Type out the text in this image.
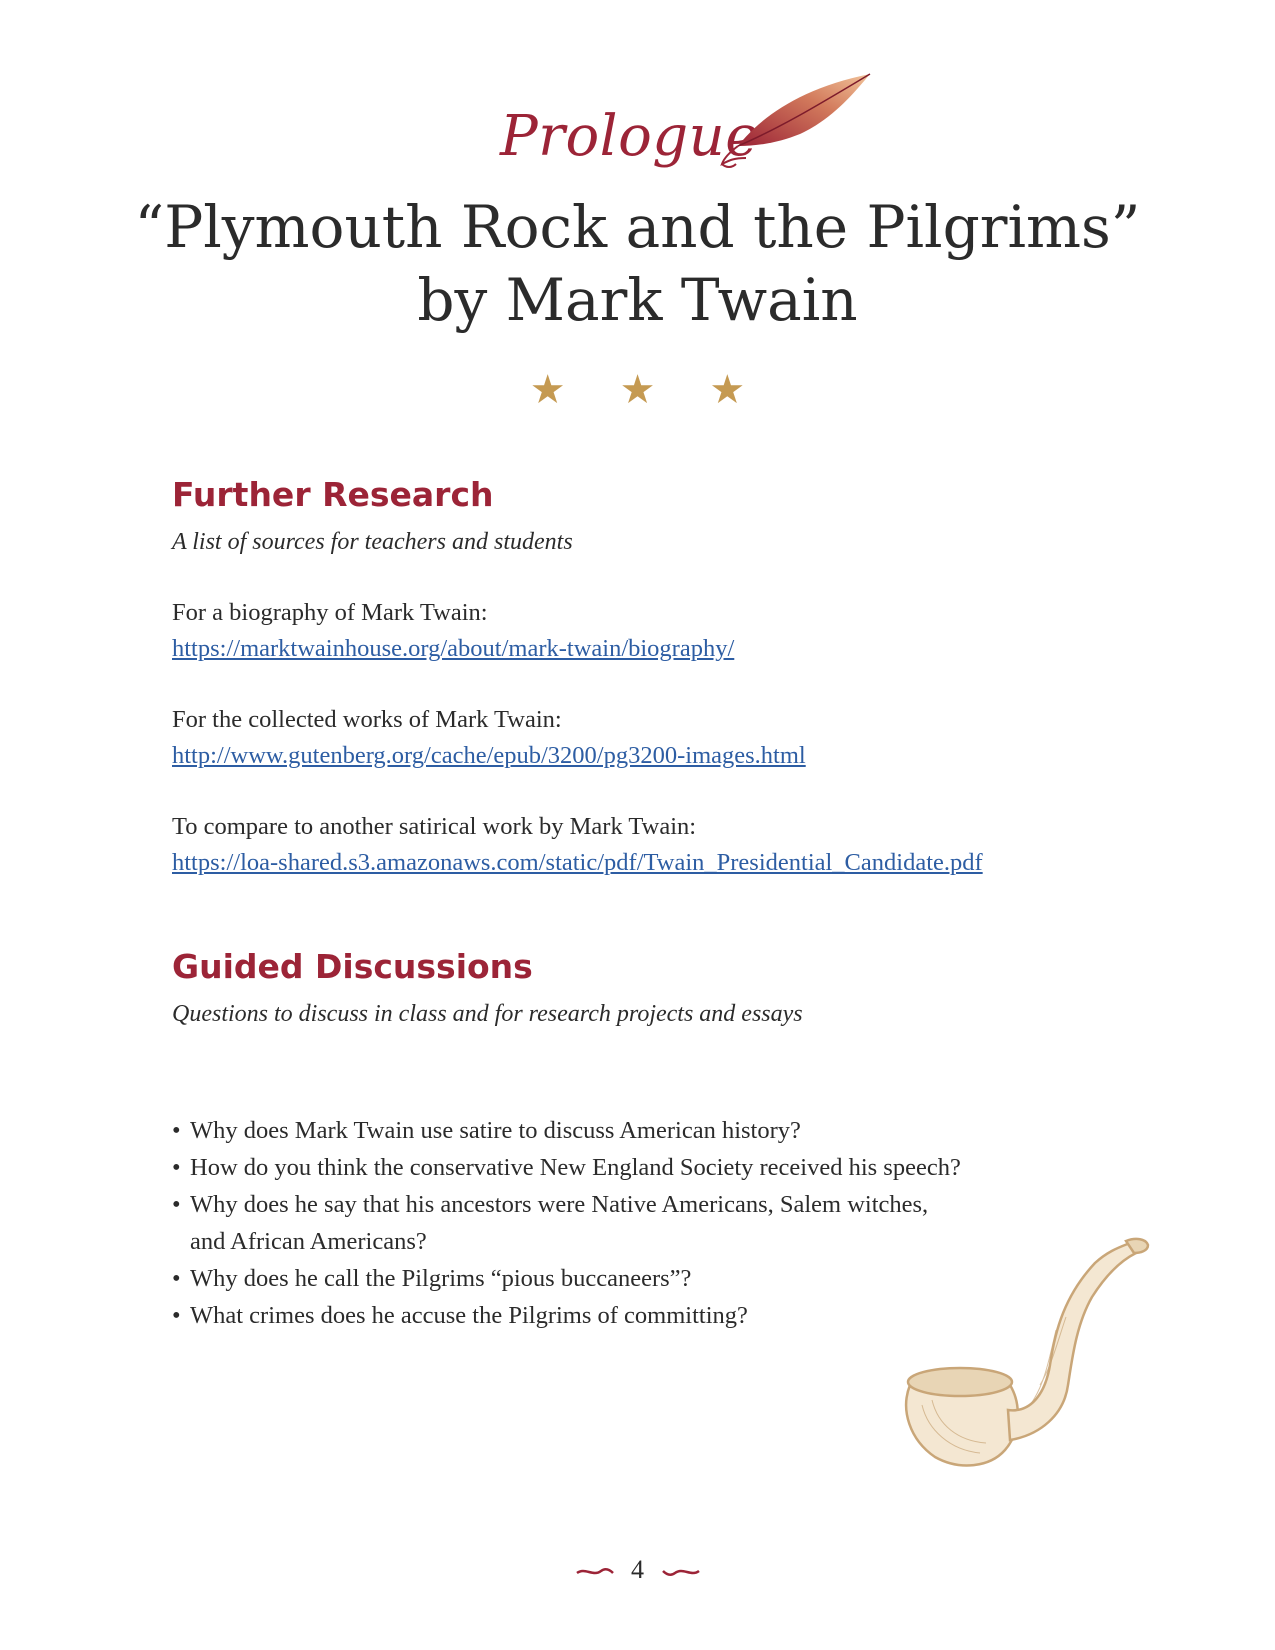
Prologue
“Plymouth Rock and the Pilgrims”
by Mark Twain
★ ★ ★
Further Research
A list of sources for teachers and students
For a biography of Mark Twain:
https://marktwainhouse.org/about/mark-twain/biography/
For the collected works of Mark Twain:
http://www.gutenberg.org/cache/epub/3200/pg3200-images.html
To compare to another satirical work by Mark Twain:
https://loa-shared.s3.amazonaws.com/static/pdf/Twain_Presidential_Candidate.pdf
Guided Discussions
Questions to discuss in class and for research projects and essays
• Why does Mark Twain use satire to discuss American history?
• How do you think the conservative New England Society received his speech?
• Why does he say that his ancestors were Native Americans, Salem witches, and African Americans?
• Why does he call the Pilgrims “pious buccaneers”?
• What crimes does he accuse the Pilgrims of committing?
4
